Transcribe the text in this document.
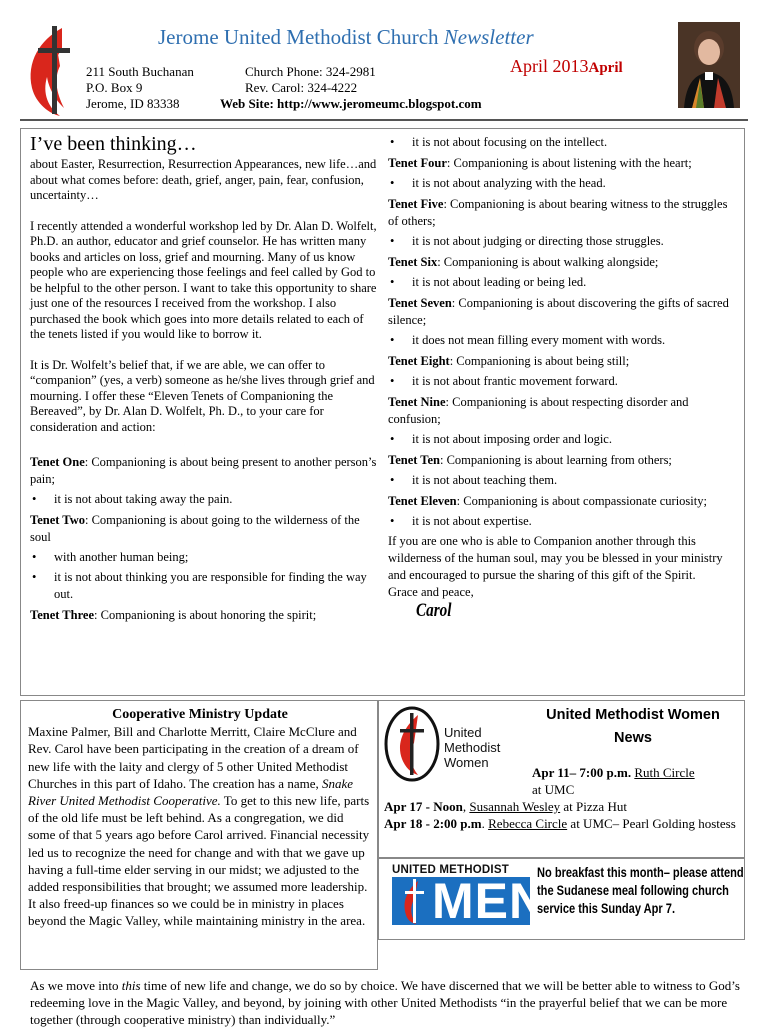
Jerome United Methodist Church Newsletter
April 2013April
211 South Buchanan
P.O. Box 9
Jerome, ID 83338
Church Phone: 324-2981
Rev. Carol: 324-4222
Web Site: http://www.jeromeumc.blogspot.com
I’ve been thinking…

about Easter, Resurrection, Resurrection Appearances, new life…and about what comes before: death, grief, anger, pain, fear, confusion, uncertainty…

I recently attended a wonderful workshop led by Dr. Alan D. Wolfelt, Ph.D. an author, educator and grief counselor. He has written many books and articles on loss, grief and mourning. Many of us know people who are experiencing those feelings and feel called by God to be helpful to the other person. I want to take this opportunity to share just one of the resources I received from the workshop. I also purchased the book which goes into more details related to each of the tenets listed if you would like to borrow it.

It is Dr. Wolfelt’s belief that, if we are able, we can offer to “companion” (yes, a verb) someone as he/she lives through grief and mourning. I offer these “Eleven Tenets of Companioning the Bereaved”, by Dr. Alan D. Wolfelt, Ph. D., to your care for consideration and action:

Tenet One: Companioning is about being present to another person’s pain;
•	it is not about taking away the pain.
Tenet Two: Companioning is about going to the wilderness of the soul
•	with another human being;
•	it is not about thinking you are responsible for finding the way out.
Tenet Three: Companioning is about honoring the spirit;
•	it is not about focusing on the intellect.
Tenet Four: Companioning is about listening with the heart;
•	it is not about analyzing with the head.
Tenet Five: Companioning is about bearing witness to the struggles of others;
•	it is not about judging or directing those struggles.
Tenet Six: Companioning is about walking alongside;
•	it is not about leading or being led.
Tenet Seven: Companioning is about discovering the gifts of sacred silence;
•	it does not mean filling every moment with words.
Tenet Eight: Companioning is about being still;
•	it is not about frantic movement forward.
Tenet Nine: Companioning is about respecting disorder and confusion;
•	it is not about imposing order and logic.
Tenet Ten: Companioning is about learning from others;
•	it is not about teaching them.
Tenet Eleven: Companioning is about compassionate curiosity;
•	it is not about expertise.

If you are one who is able to Companion another through this wilderness of the human soul, may you be blessed in your ministry and encouraged to pursue the sharing of this gift of the Spirit.

Grace and peace,

Carol
Cooperative Ministry Update

Maxine Palmer, Bill and Charlotte Merritt, Claire McClure and Rev. Carol have been participating in the creation of a dream of new life with the laity and clergy of 5 other United Methodist Churches in this part of Idaho. The creation has a name, Snake River United Methodist Cooperative. To get to this new life, parts of the old life must be left behind. As a congregation, we did some of that 5 years ago before Carol arrived. Financial necessity led us to recognize the need for change and with that we gave up having a full-time elder serving in our midst; we adjusted to the added responsibilities that brought; we assumed more leadership. It also freed-up finances so we could be in ministry in places beyond the Magic Valley, while maintaining ministry in the area.

United
Methodist
Women
United Methodist Women
News
Apr 11– 7:00 p.m. Ruth Circle
at UMC
Apr 17 - Noon, Susannah Wesley at Pizza Hut
Apr 18 - 2:00 p.m. Rebecca Circle at UMC– Pearl Golding hostess
UNITED METHODIST
MEN
No breakfast this month– please attend
the Sudanese meal following church
service this Sunday Apr 7.
As we move into this time of new life and change, we do so by choice. We have discerned that we will be better able to witness to God’s redeeming love in the Magic Valley, and beyond, by joining with other United Methodists “in the prayerful belief that we can be more together (through cooperative ministry) than individually.”
